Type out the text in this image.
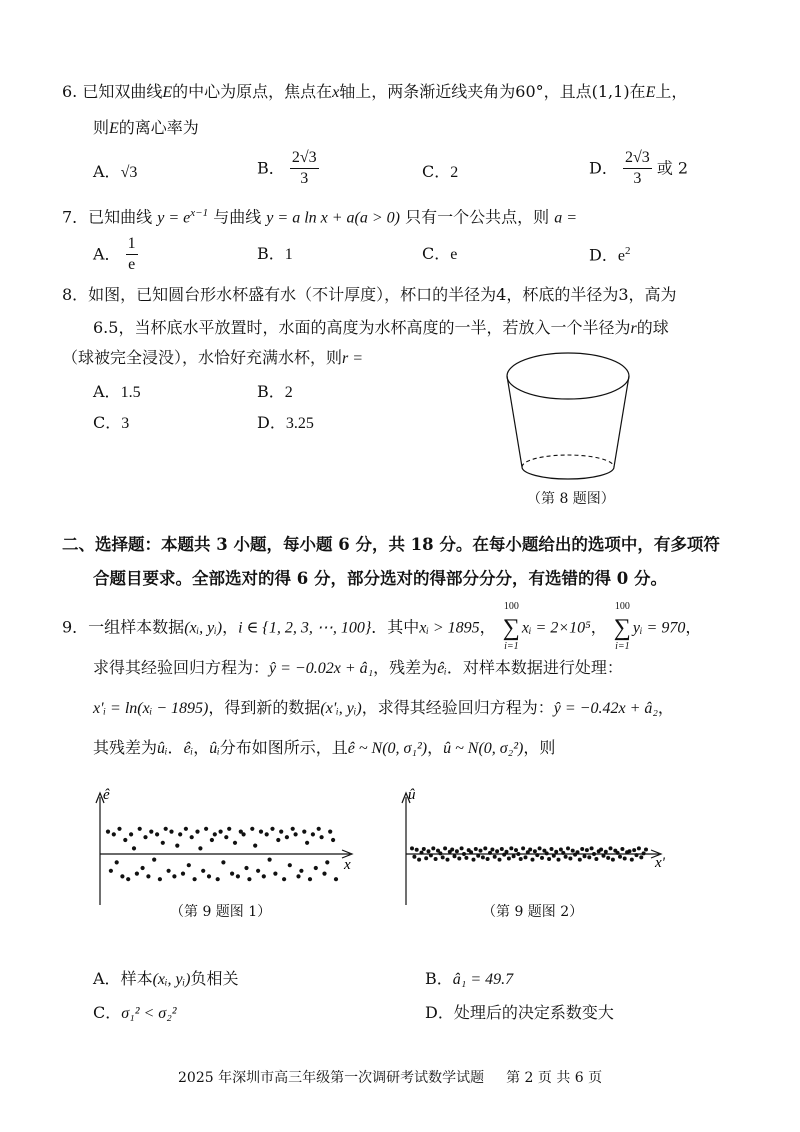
6. 已知双曲线E的中心为原点，焦点在x轴上，两条渐近线夹角为60°，且点(1,1)在E上，
则E的离心率为
A．√3	B． $\frac{2√3}{3}$	C．2	D． $\frac{2√3}{3}$ 或 2
7．已知曲线 $y = e^{x-1}$ 与曲线 y = a ln x + a(a > 0) 只有一个公共点，则 a =
A． $\frac{1}{e}$	B．1	C．e	D．$e^2$
8．如图，已知圆台形水杯盛有水（不计厚度），杯口的半径为4，杯底的半径为3，高为
6.5，当杯底水平放置时，水面的高度为水杯高度的一半，若放入一个半径为r的球
（球被完全浸没），水恰好充满水杯，则r =
A．1.5	B．2
C．3	D．3.25
（第 8 题图）
二、选择题：本题共 3 小题，每小题 6 分，共 18 分。在每小题给出的选项中，有多项符
合题目要求。全部选对的得 6 分，部分选对的得部分分分，有选错的得 0 分。
9．一组样本数据(xᵢ, yᵢ)，i ∈ {1, 2, 3, ⋯, 100}．其中xᵢ > 1895，
100
∑
i=1
xᵢ = 2×10⁵，
100
∑
i=1
yᵢ = 970，
求得其经验回归方程为：ŷ = −0.02x + â₁，残差为êᵢ．对样本数据进行处理：
x'ᵢ = ln(xᵢ − 1895)，得到新的数据(x'ᵢ, yᵢ)，求得其经验回归方程为：ŷ = −0.42x + â₂，
其残差为ûᵢ．êᵢ，ûᵢ分布如图所示，且ê ~ N(0, σ₁²)，û ~ N(0, σ₂²)，则
ê
x
（第 9 题图 1）
û
x'
（第 9 题图 2）
A．样本(xᵢ, yᵢ)负相关	B．â₁ = 49.7
C．σ₁² < σ₂²	D．处理后的决定系数变大
2025 年深圳市高三年级第一次调研考试数学试题 第 2 页 共 6 页
